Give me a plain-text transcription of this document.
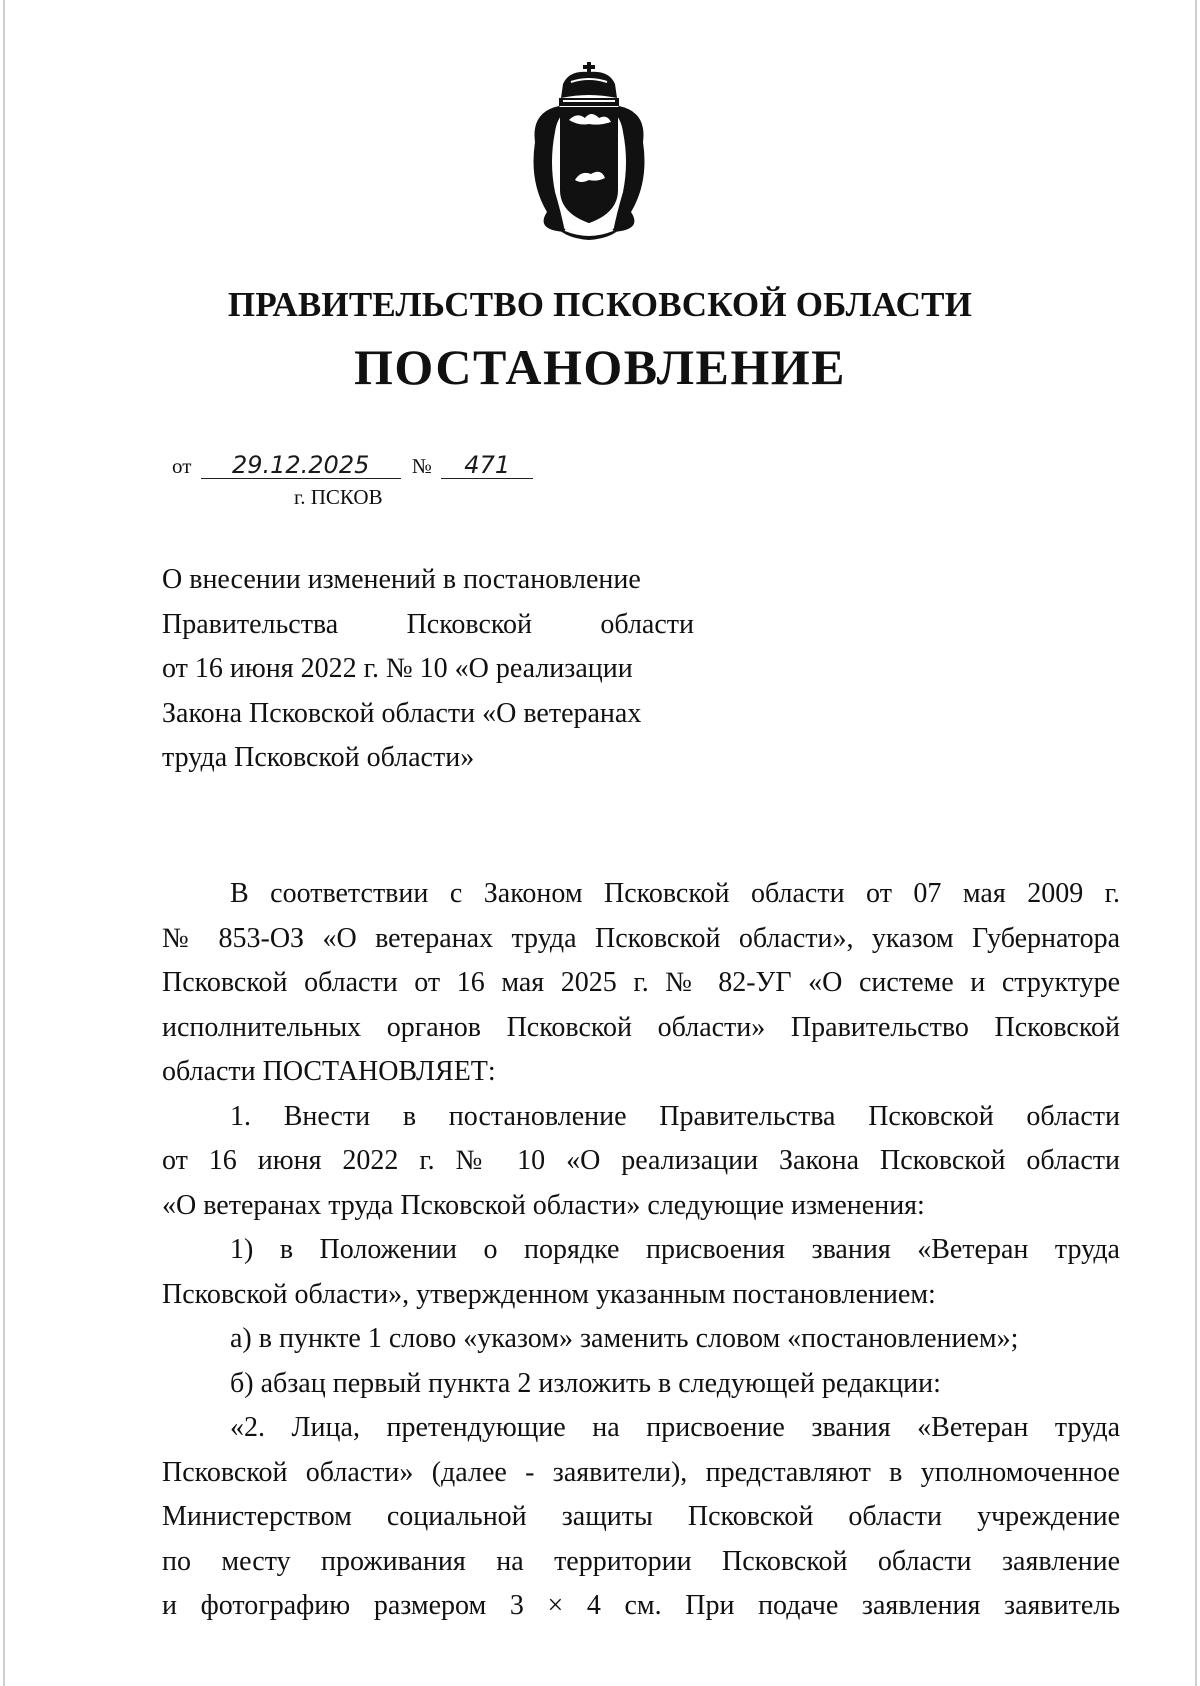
ПРАВИТЕЛЬСТВО ПСКОВСКОЙ ОБЛАСТИ
ПОСТАНОВЛЕНИЕ
от 29.12.2025 № 471
г. ПСКОВ
О внесении изменений в постановление
Правительства Псковской области
от 16 июня 2022 г. № 10 «О реализации
Закона Псковской области «О ветеранах
труда Псковской области»
В соответствии с Законом Псковской области от 07 мая 2009 г.
№ 853-ОЗ «О ветеранах труда Псковской области», указом Губернатора
Псковской области от 16 мая 2025 г. № 82-УГ «О системе и структуре
исполнительных органов Псковской области» Правительство Псковской
области ПОСТАНОВЛЯЕТ:
1. Внести в постановление Правительства Псковской области
от 16 июня 2022 г. № 10 «О реализации Закона Псковской области
«О ветеранах труда Псковской области» следующие изменения:
1) в Положении о порядке присвоения звания «Ветеран труда
Псковской области», утвержденном указанным постановлением:
а) в пункте 1 слово «указом» заменить словом «постановлением»;
б) абзац первый пункта 2 изложить в следующей редакции:
«2. Лица, претендующие на присвоение звания «Ветеран труда
Псковской области» (далее - заявители), представляют в уполномоченное
Министерством социальной защиты Псковской области учреждение
по месту проживания на территории Псковской области заявление
и фотографию размером 3 × 4 см. При подаче заявления заявитель
